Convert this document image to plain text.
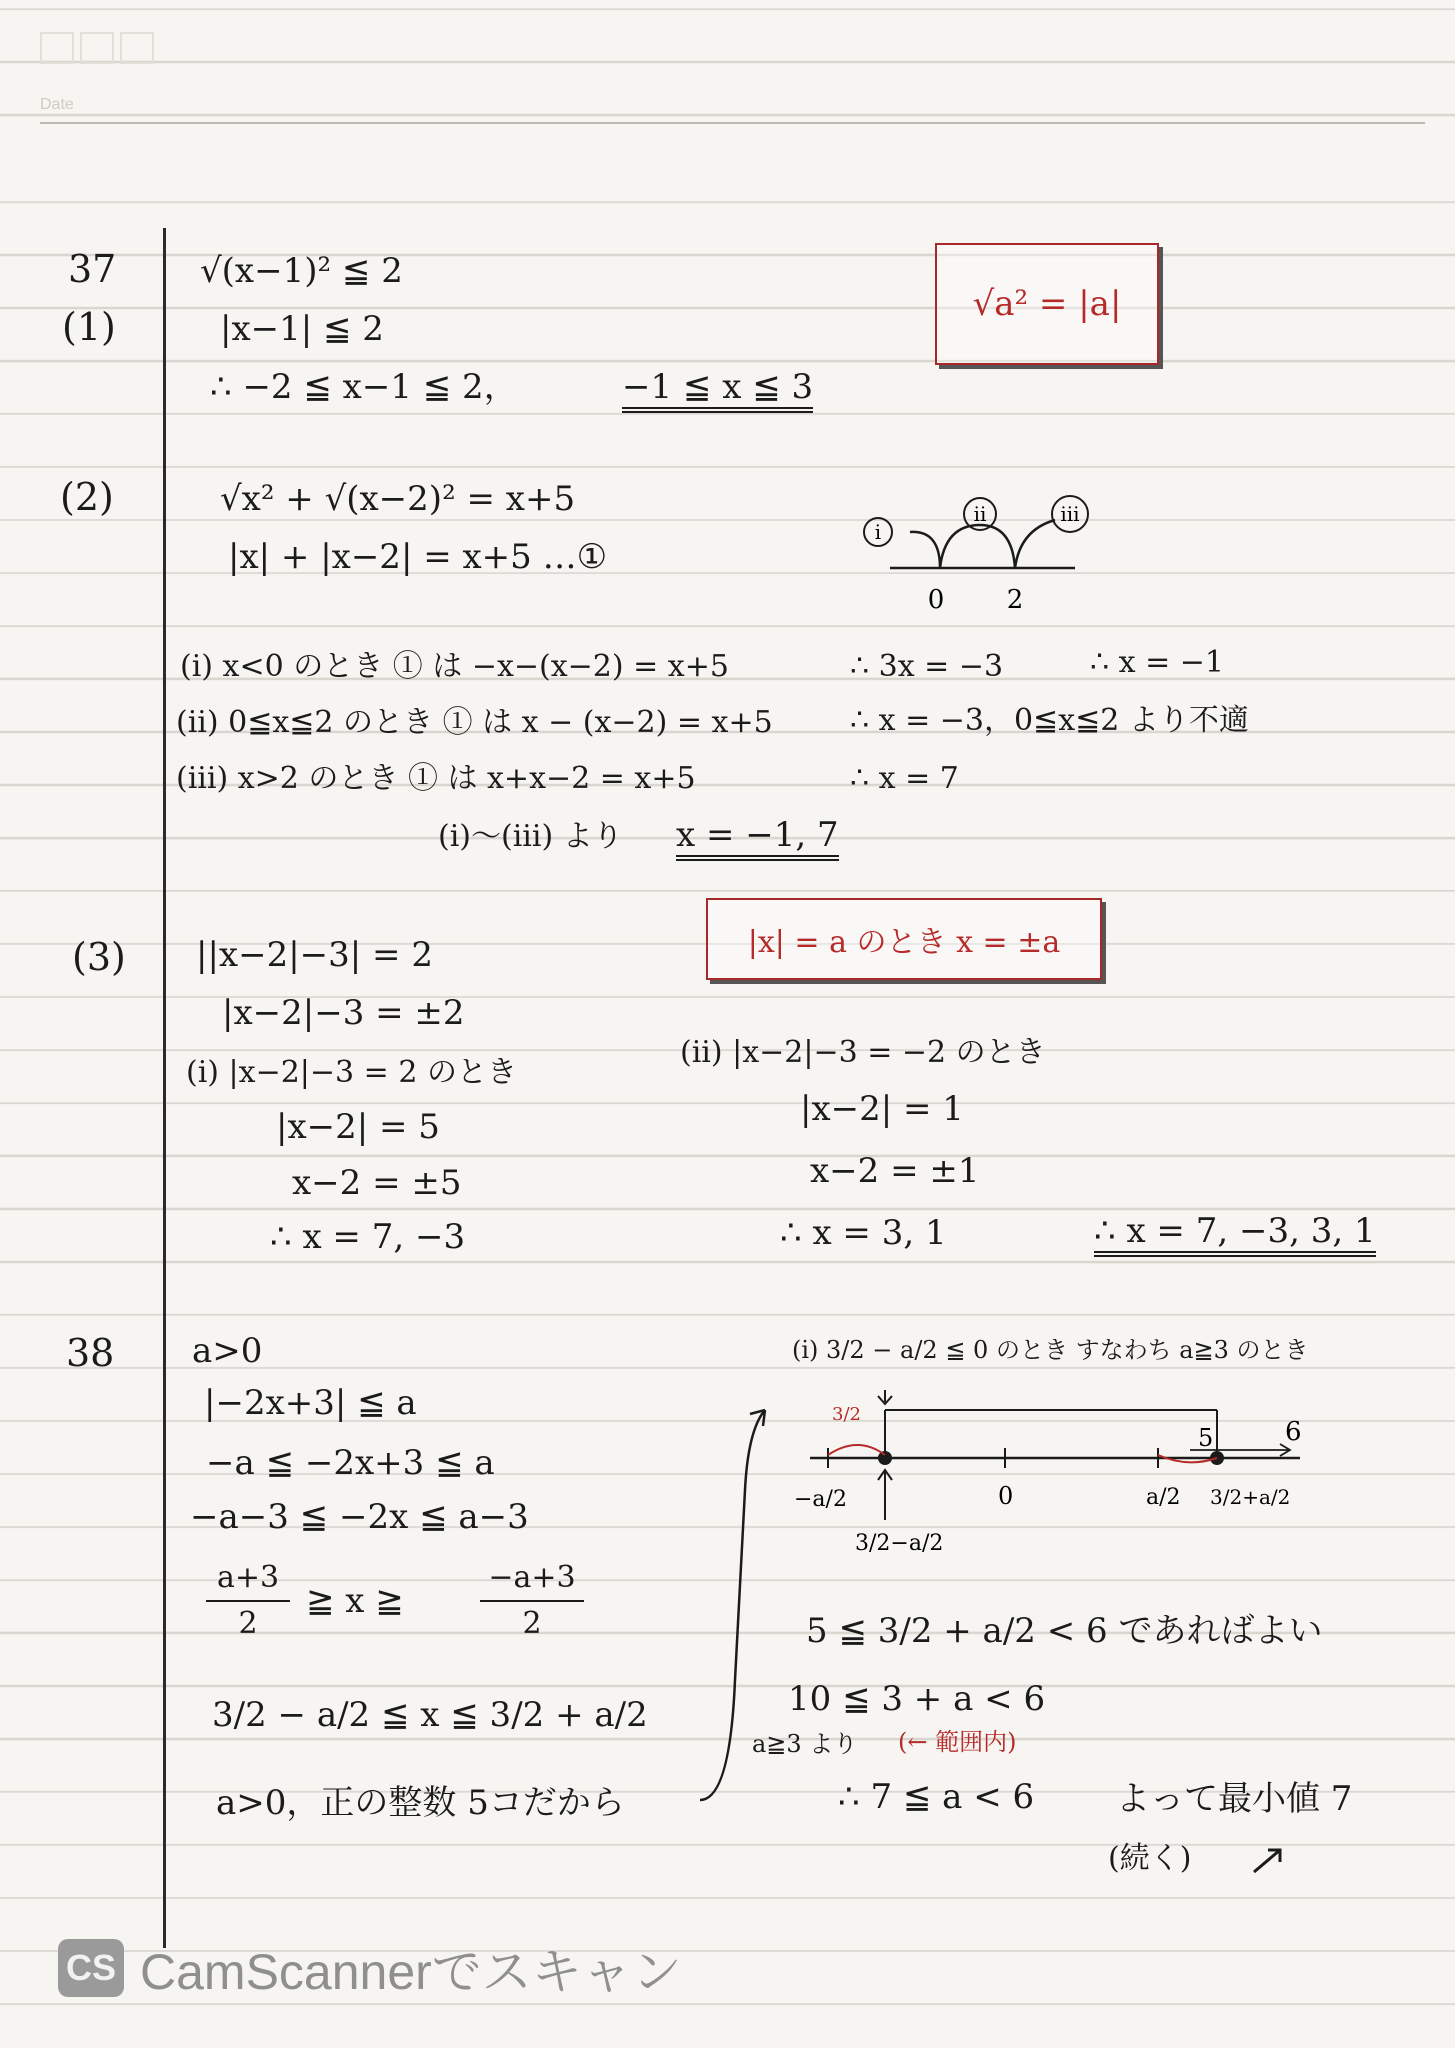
Date
37
(1)
√(x−1)² ≦ 2
|x−1| ≦ 2
∴ −2 ≦ x−1 ≦ 2，	−1 ≦ x ≦ 3
√a² = |a|
(2)	√x² + √(x−2)² = x+5
|x| + |x−2| = x+5 …①
i
ii	iii
0 2
(i) x<0 のとき ① は −x−(x−2) = x+5	∴ 3x = −3	∴ x = −1
(ii) 0≦x≦2 のとき ① は x − (x−2) = x+5	∴ x = −3，0≦x≦2 より不適
(iii) x>2 のとき ① は x+x−2 = x+5	∴ x = 7
(i)〜(iii) より x = −1, 7
(3) ||x−2|−3| = 2
|x−2|−3 = ±2
|x| = a のとき x = ±a
(i) |x−2|−3 = 2 のとき
|x−2| = 5
x−2 = ±5
∴ x = 7, −3
(ii) |x−2|−3 = −2 のとき
|x−2| = 1
x−2 = ±1
∴ x = 3, 1	∴ x = 7, −3, 3, 1
38 a>0
|−2x+3| ≦ a
−a ≦ −2x+3 ≦ a
−a−3 ≦ −2x ≦ a−3
$\frac{a+3}{2}$ ≧ x ≧	$\frac{-a+3}{2}$
3/2 − a/2 ≦ x ≦ 3/2 + a/2
a>0，正の整数 5コだから
(i) 3/2 − a/2 ≦ 0 のとき すなわち a≧3 のとき
3/2
5	6
−a/2	0	a/2 3/2+a/2
3/2−a/2
5 ≦ 3/2 + a/2 < 6 であればよい
10 ≦ 3 + a < 6
a≧3 より (← 範囲内)
∴ 7 ≦ a < 6 よって最小値 7
(続く)
CS CamScannerでスキャン
